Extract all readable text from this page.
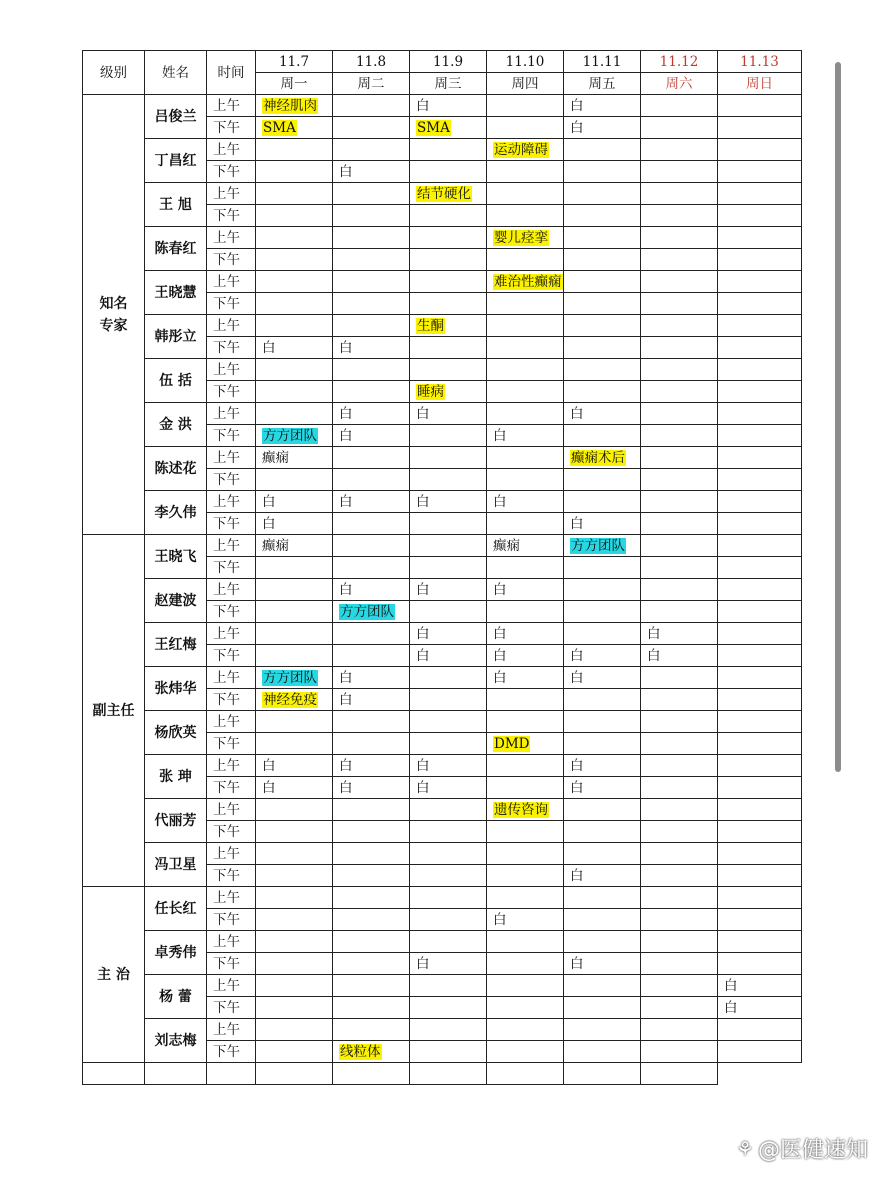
级别	姓名	时间	11.7	11.8	11.9	11.10	11.11	11.12	11.13
			周一	周二	周三	周四	周五	周六	周日
知名
专家	吕俊兰	上午	神经肌肉		白		白		
		下午	SMA		SMA		白		
	丁昌红	上午				运动障碍			
		下午		白					
	王 旭	上午			结节硬化				
		下午							
	陈春红	上午				婴儿痉挛			
		下午							
	王晓慧	上午				难治性癫痫			
		下午							
	韩彤立	上午			生酮				
		下午	白	白					
	伍 括	上午							
		下午			睡病				
	金 洪	上午		白	白		白		
		下午	方方团队	白		白			
	陈述花	上午	癫痫				癫痫术后		
		下午							
	李久伟	上午	白	白	白	白			
		下午	白				白		
副主任	王晓飞	上午	癫痫			癫痫	方方团队		
		下午							
	赵建波	上午		白	白	白			
		下午		方方团队					
	王红梅	上午			白	白		白	
		下午			白	白	白	白	
	张炜华	上午	方方团队	白		白	白		
		下午	神经免疫	白					
	杨欣英	上午							
		下午				DMD			
	张 珅	上午	白	白	白		白		
		下午	白	白	白		白		
	代丽芳	上午				遗传咨询			
		下午							
	冯卫星	上午							
		下午					白		
主 治	任长红	上午							
		下午				白			
	卓秀伟	上午							
		下午			白		白		
	杨 蕾	上午							白
		下午							白
	刘志梅	上午							
		下午		线粒体					

⚘ @医健速知
